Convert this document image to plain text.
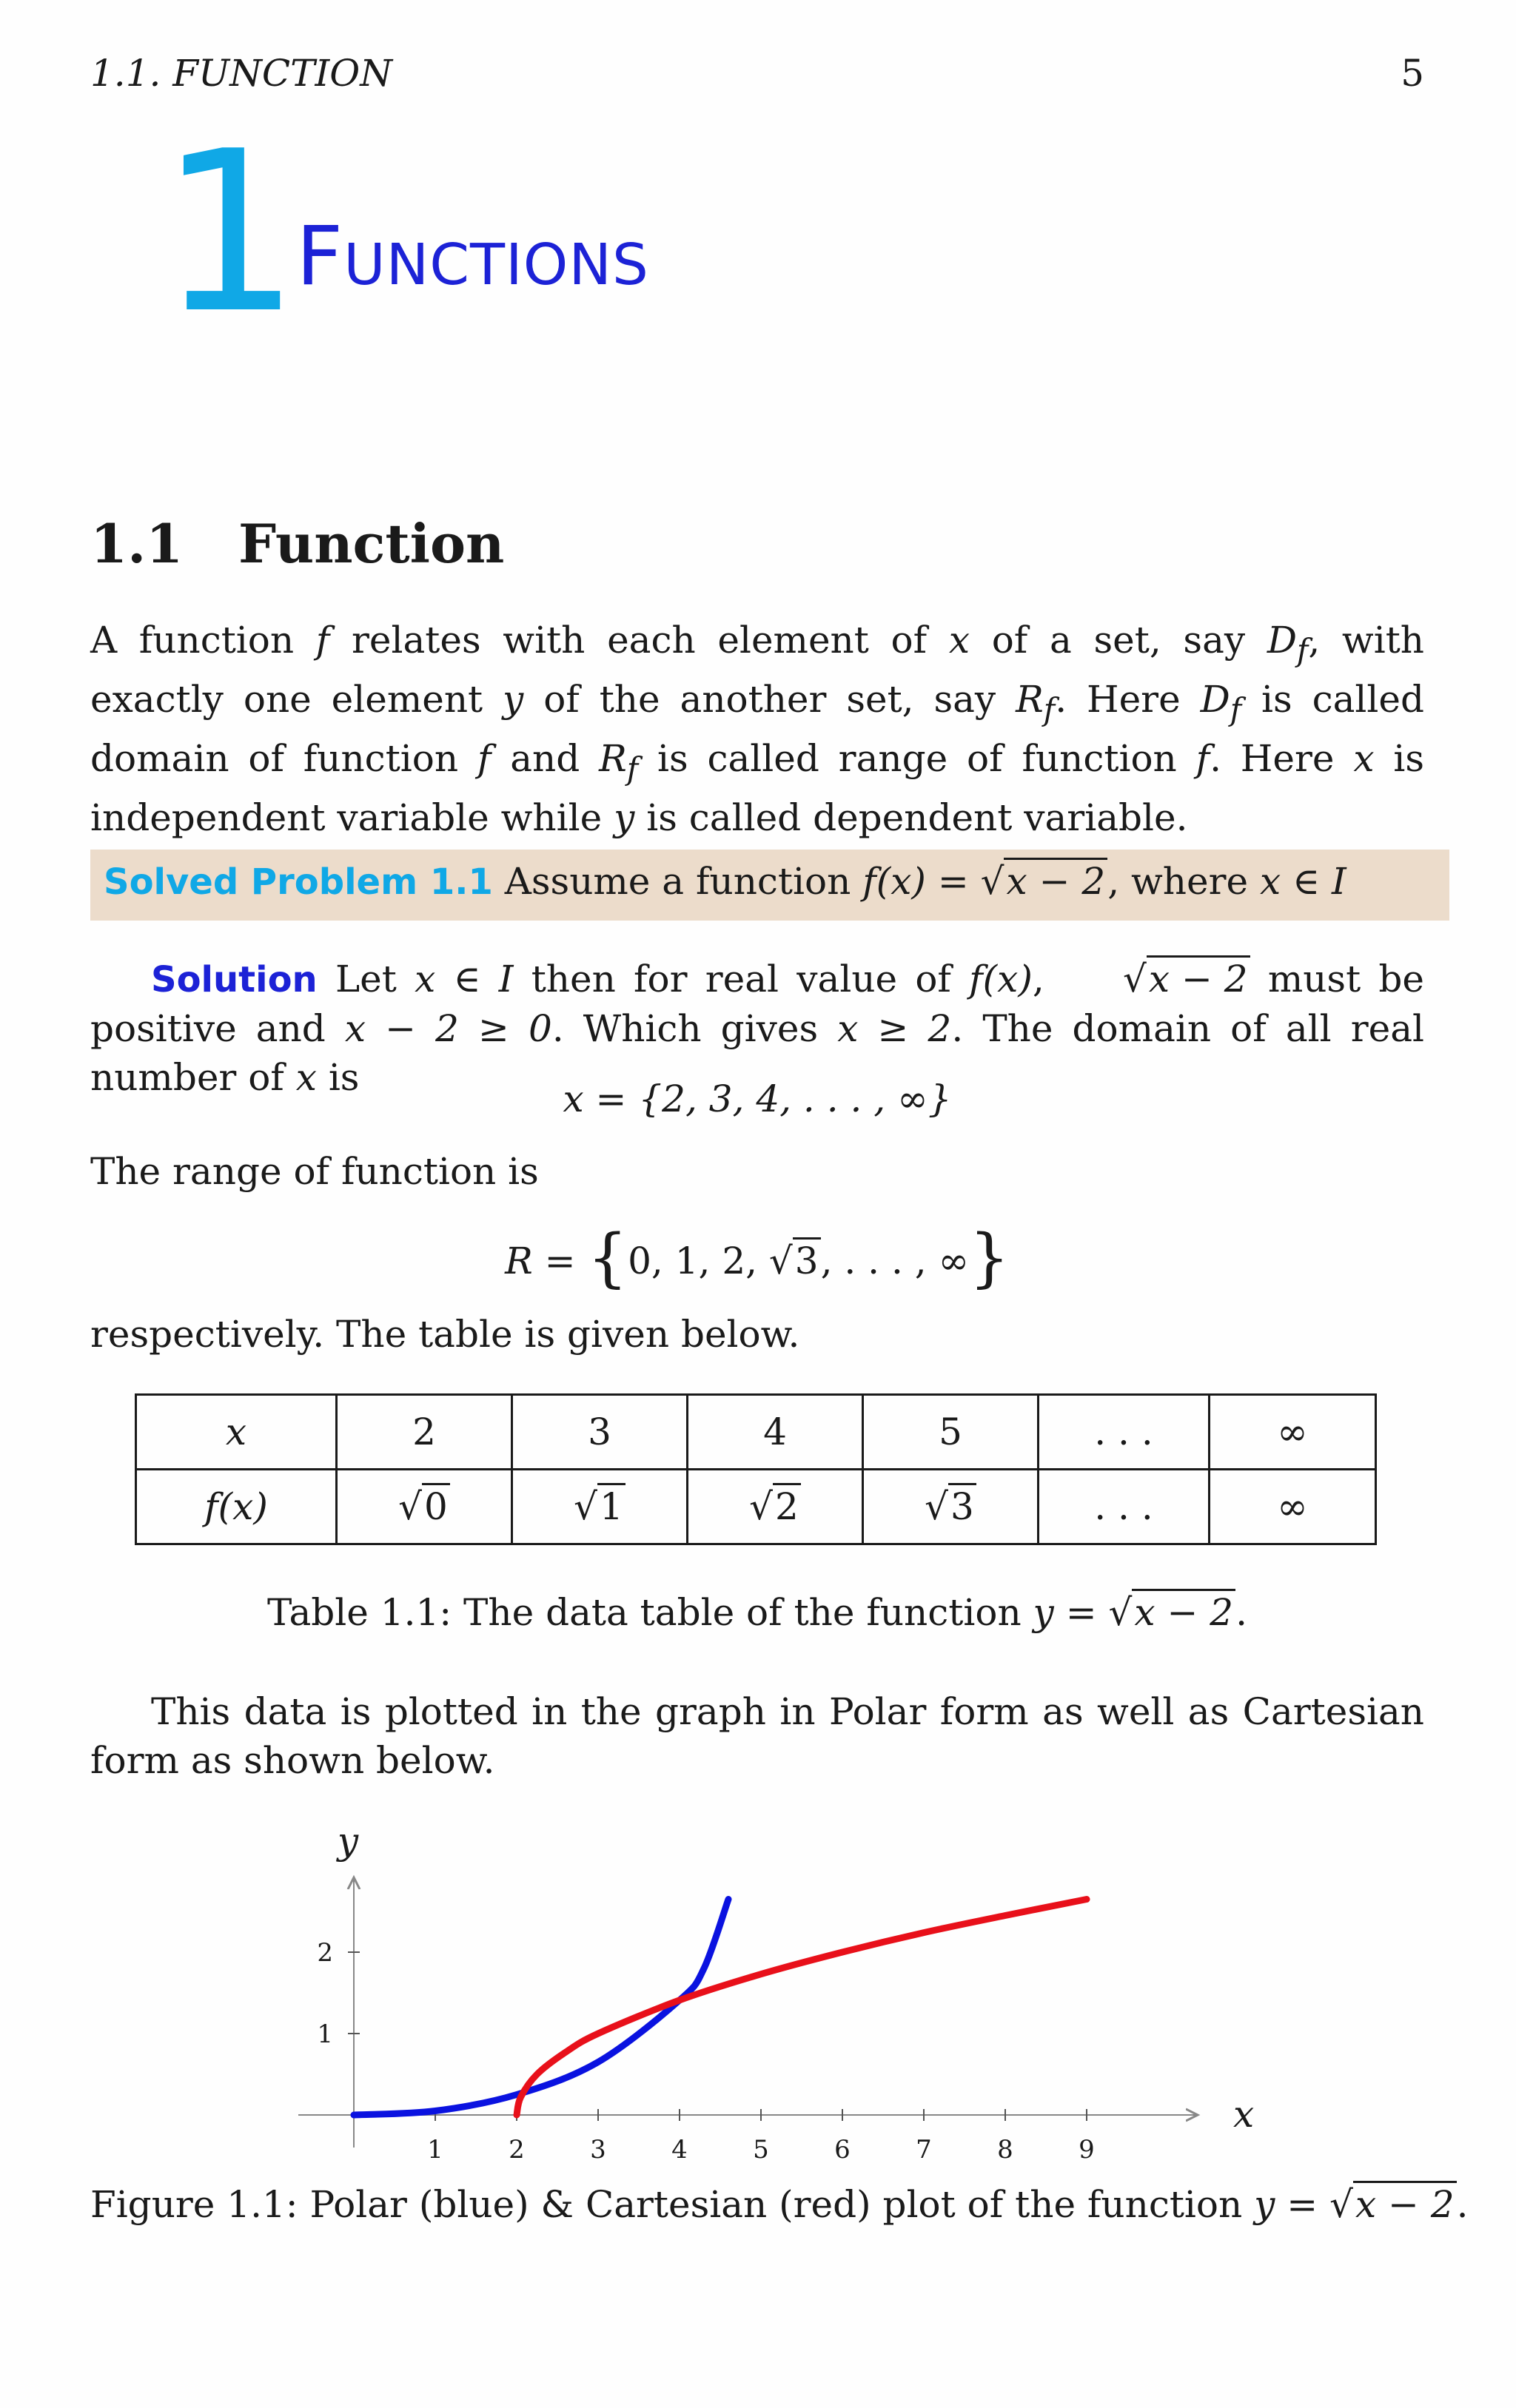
1.1. FUNCTION	5
1 Functions
1.1 Function
A function f relates with each element of x of a set, say $D_f$, with exactly one element y of the another set, say $R_f$. Here $D_f$ is called domain of function f and $R_f$ is called range of function f. Here x is independent variable while y is called dependent variable.
Solved Problem 1.1 Assume a function f(x) = √x − 2, where x ∈ I
Solution Let x ∈ I then for real value of f(x), √x − 2 must be positive and x − 2 ≥ 0. Which gives x ≥ 2. The domain of all real number of x is	x = {2, 3, 4, . . . , ∞}
The range of function is
R = {0, 1, 2, √3, . . . , ∞}
respectively. The table is given below.
x	2	3	4	5	. . .	∞
f(x)	√0	√1	√2	√3	. . .	∞
Table 1.1: The data table of the function y = √x − 2.
This data is plotted in the graph in Polar form as well as Cartesian form as shown below.
1	2	3	4	5	6	7	8	9
1
2
x
y
Figure 1.1: Polar (blue) & Cartesian (red) plot of the function y = √x − 2.
